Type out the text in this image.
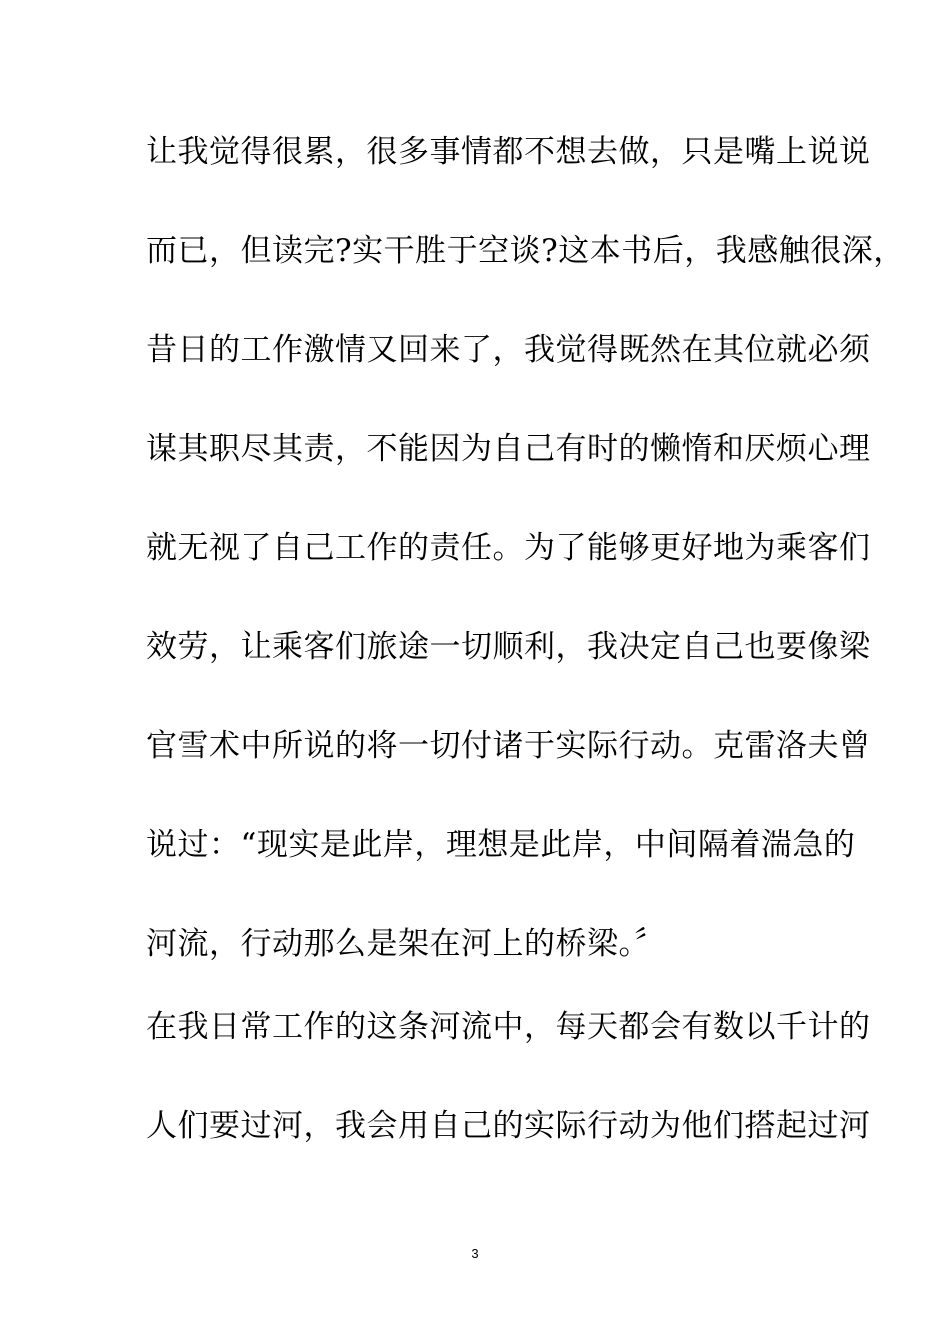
让我觉得很累，很多事情都不想去做，只是嘴上说说
而已，但读完?实干胜于空谈?这本书后，我感触很深，
昔日的工作激情又回来了，我觉得既然在其位就必须
谋其职尽其责，不能因为自己有时的懒惰和厌烦心理
就无视了自己工作的责任。为了能够更好地为乘客们
效劳，让乘客们旅途一切顺利，我决定自己也要像梁
官雪术中所说的将一切付诸于实际行动。克雷洛夫曾
说过：“现实是此岸，理想是此岸，中间隔着湍急的
河流，行动那么是架在河上的桥梁。〞
在我日常工作的这条河流中，每天都会有数以千计的
人们要过河，我会用自己的实际行动为他们搭起过河
3
